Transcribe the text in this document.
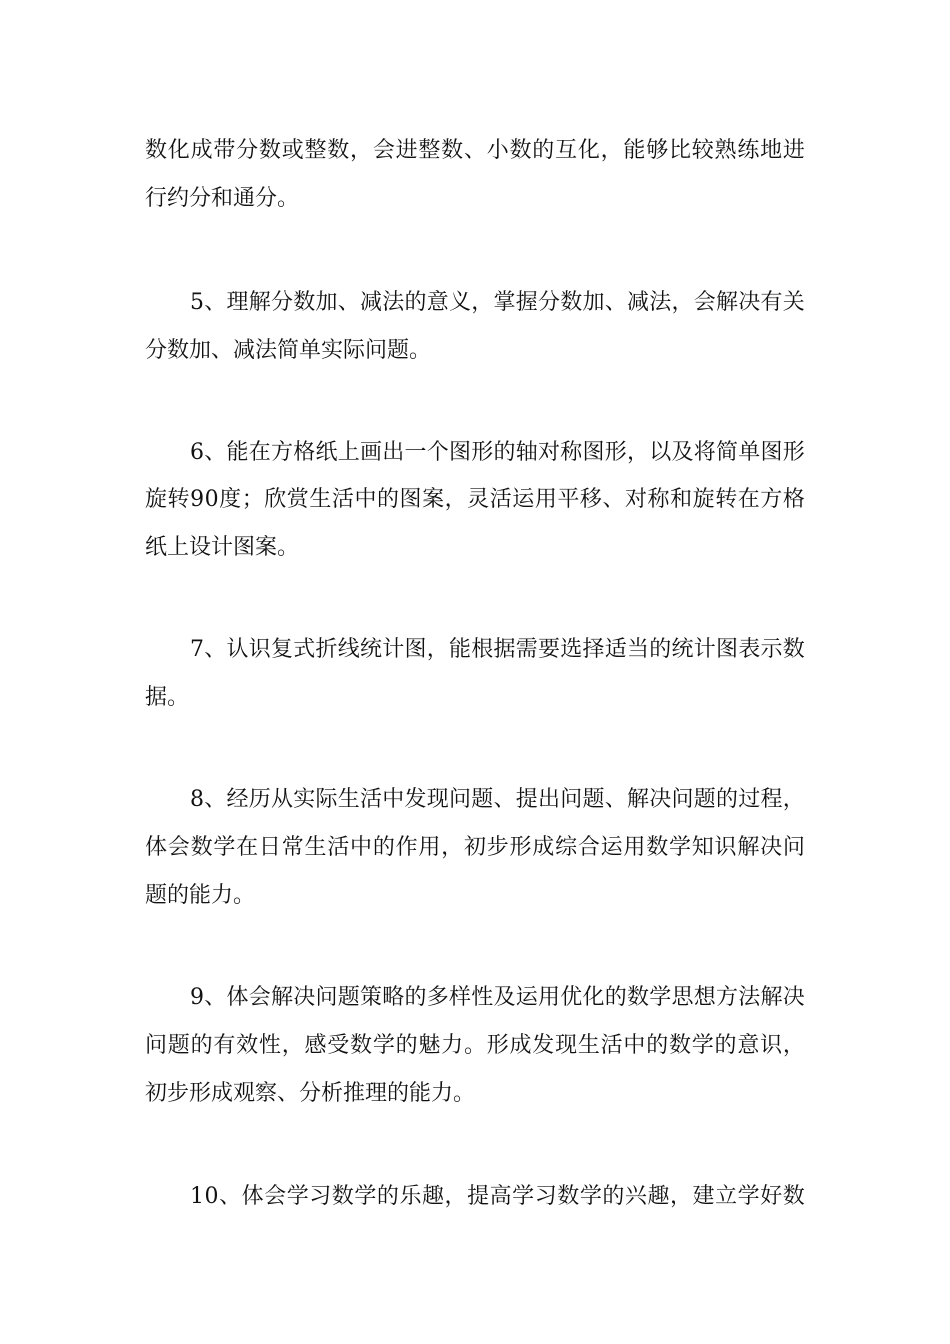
数 化 成 带 分 数 或 整 数 ， 会 进 整 数 、 小 数 的 互 化 ， 能 够 比 较 熟 练 地 进
行约分和通分。
5 、 理 解 分 数 加 、 减 法 的 意 义 ， 掌 握 分 数 加 、 减 法 ， 会 解 决 有 关
分数加、减法简单实际问题。
6 、 能 在 方 格 纸 上 画 出 一 个 图 形 的 轴 对 称 图 形 ， 以 及 将 简 单 图 形
旋 转 9 0 度 ； 欣 赏 生 活 中 的 图 案 ， 灵 活 运 用 平 移 、 对 称 和 旋 转 在 方 格
纸上设计图案。
7 、 认 识 复 式 折 线 统 计 图 ， 能 根 据 需 要 选 择 适 当 的 统 计 图 表 示 数
据。
8 、 经 历 从 实 际 生 活 中 发 现 问 题 、 提 出 问 题 、 解 决 问 题 的 过 程 ，
体 会 数 学 在 日 常 生 活 中 的 作 用 ， 初 步 形 成 综 合 运 用 数 学 知 识 解 决 问
题的能力。
9 、 体 会 解 决 问 题 策 略 的 多 样 性 及 运 用 优 化 的 数 学 思 想 方 法 解 决
问 题 的 有 效 性 ， 感 受 数 学 的 魅 力 。 形 成 发 现 生 活 中 的 数 学 的 意 识 ，
初步形成观察、分析推理的能力。
1 0 、 体 会 学 习 数 学 的 乐 趣 ， 提 高 学 习 数 学 的 兴 趣 ， 建 立 学 好 数
